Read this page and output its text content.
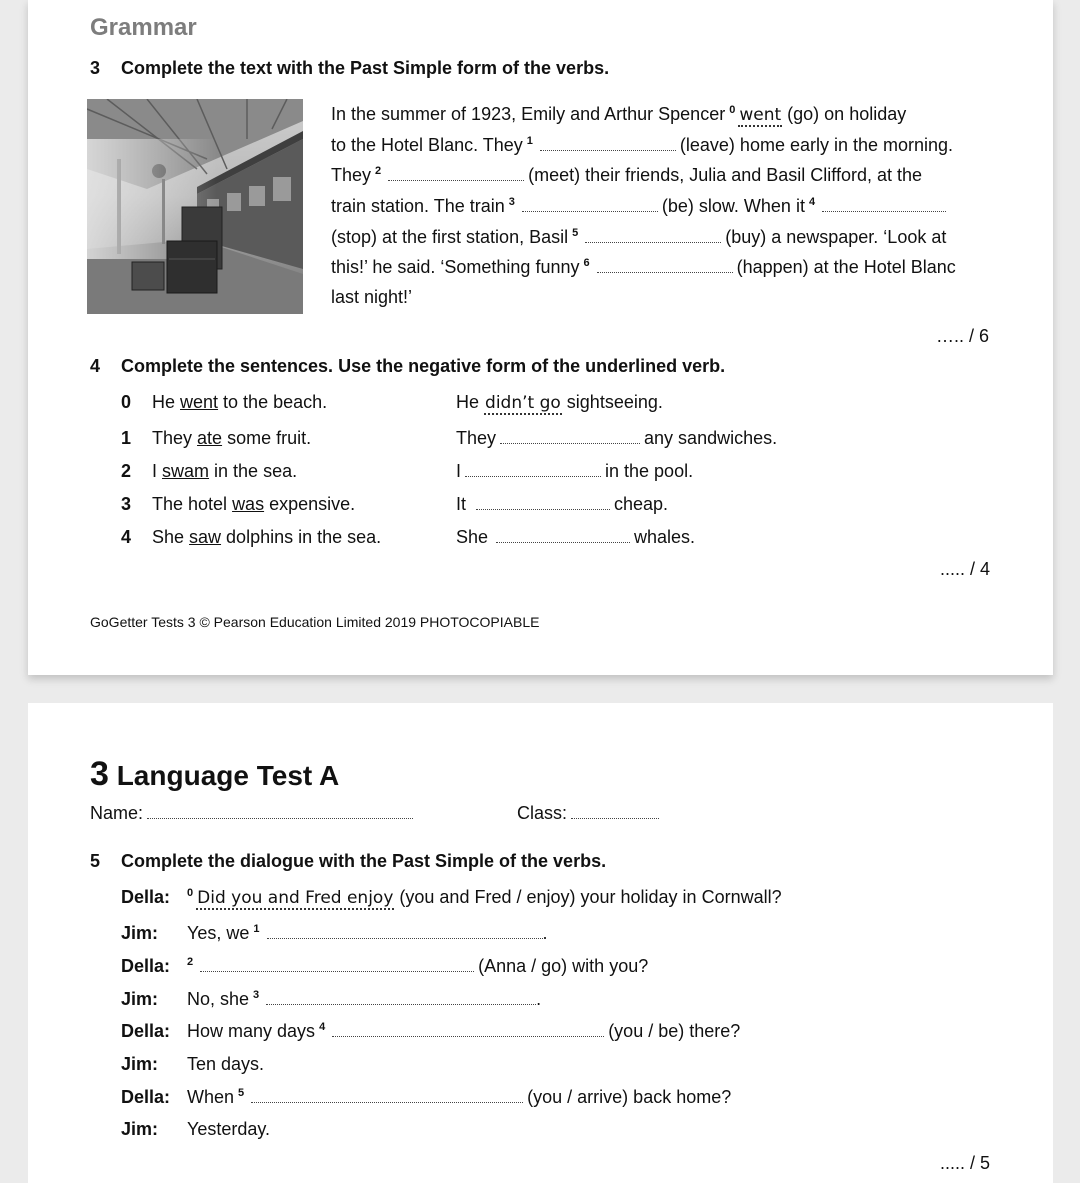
Grammar
3 Complete the text with the Past Simple form of the verbs.
In the summer of 1923, Emily and Arthur Spencer $^0$ went (go) on holiday
to the Hotel Blanc. They $^1$	(leave) home early in the morning.
They $^2$	(meet) their friends, Julia and Basil Clifford, at the
train station. The train $^3$	(be) slow. When it $^4$
(stop) at the first station, Basil $^5$	(buy) a newspaper. ‘Look at
this!’ he said. ‘Something funny $^6$	(happen) at the Hotel Blanc
last night!’
….. / 6
4 Complete the sentences. Use the negative form of the underlined verb.
0 He went to the beach.	He didn’t go sightseeing.
1 They ate some fruit.	They	any sandwiches.
2 I swam in the sea.	I	in the pool.
3 The hotel was expensive.	It	cheap.
4 She saw dolphins in the sea.	She	whales.
..... / 4
GoGetter Tests 3 © Pearson Education Limited 2019 PHOTOCOPIABLE
3 Language Test A
Name:	Class:
5 Complete the dialogue with the Past Simple of the verbs.
Della: $^0$ Did you and Fred enjoy (you and Fred / enjoy) your holiday in Cornwall?
Jim: Yes, we $^1$	.
Della: $^2$	(Anna / go) with you?
Jim: No, she $^3$	.
Della: How many days $^4$	(you / be) there?
Jim: Ten days.
Della: When $^5$	(you / arrive) back home?
Jim: Yesterday.
..... / 5
